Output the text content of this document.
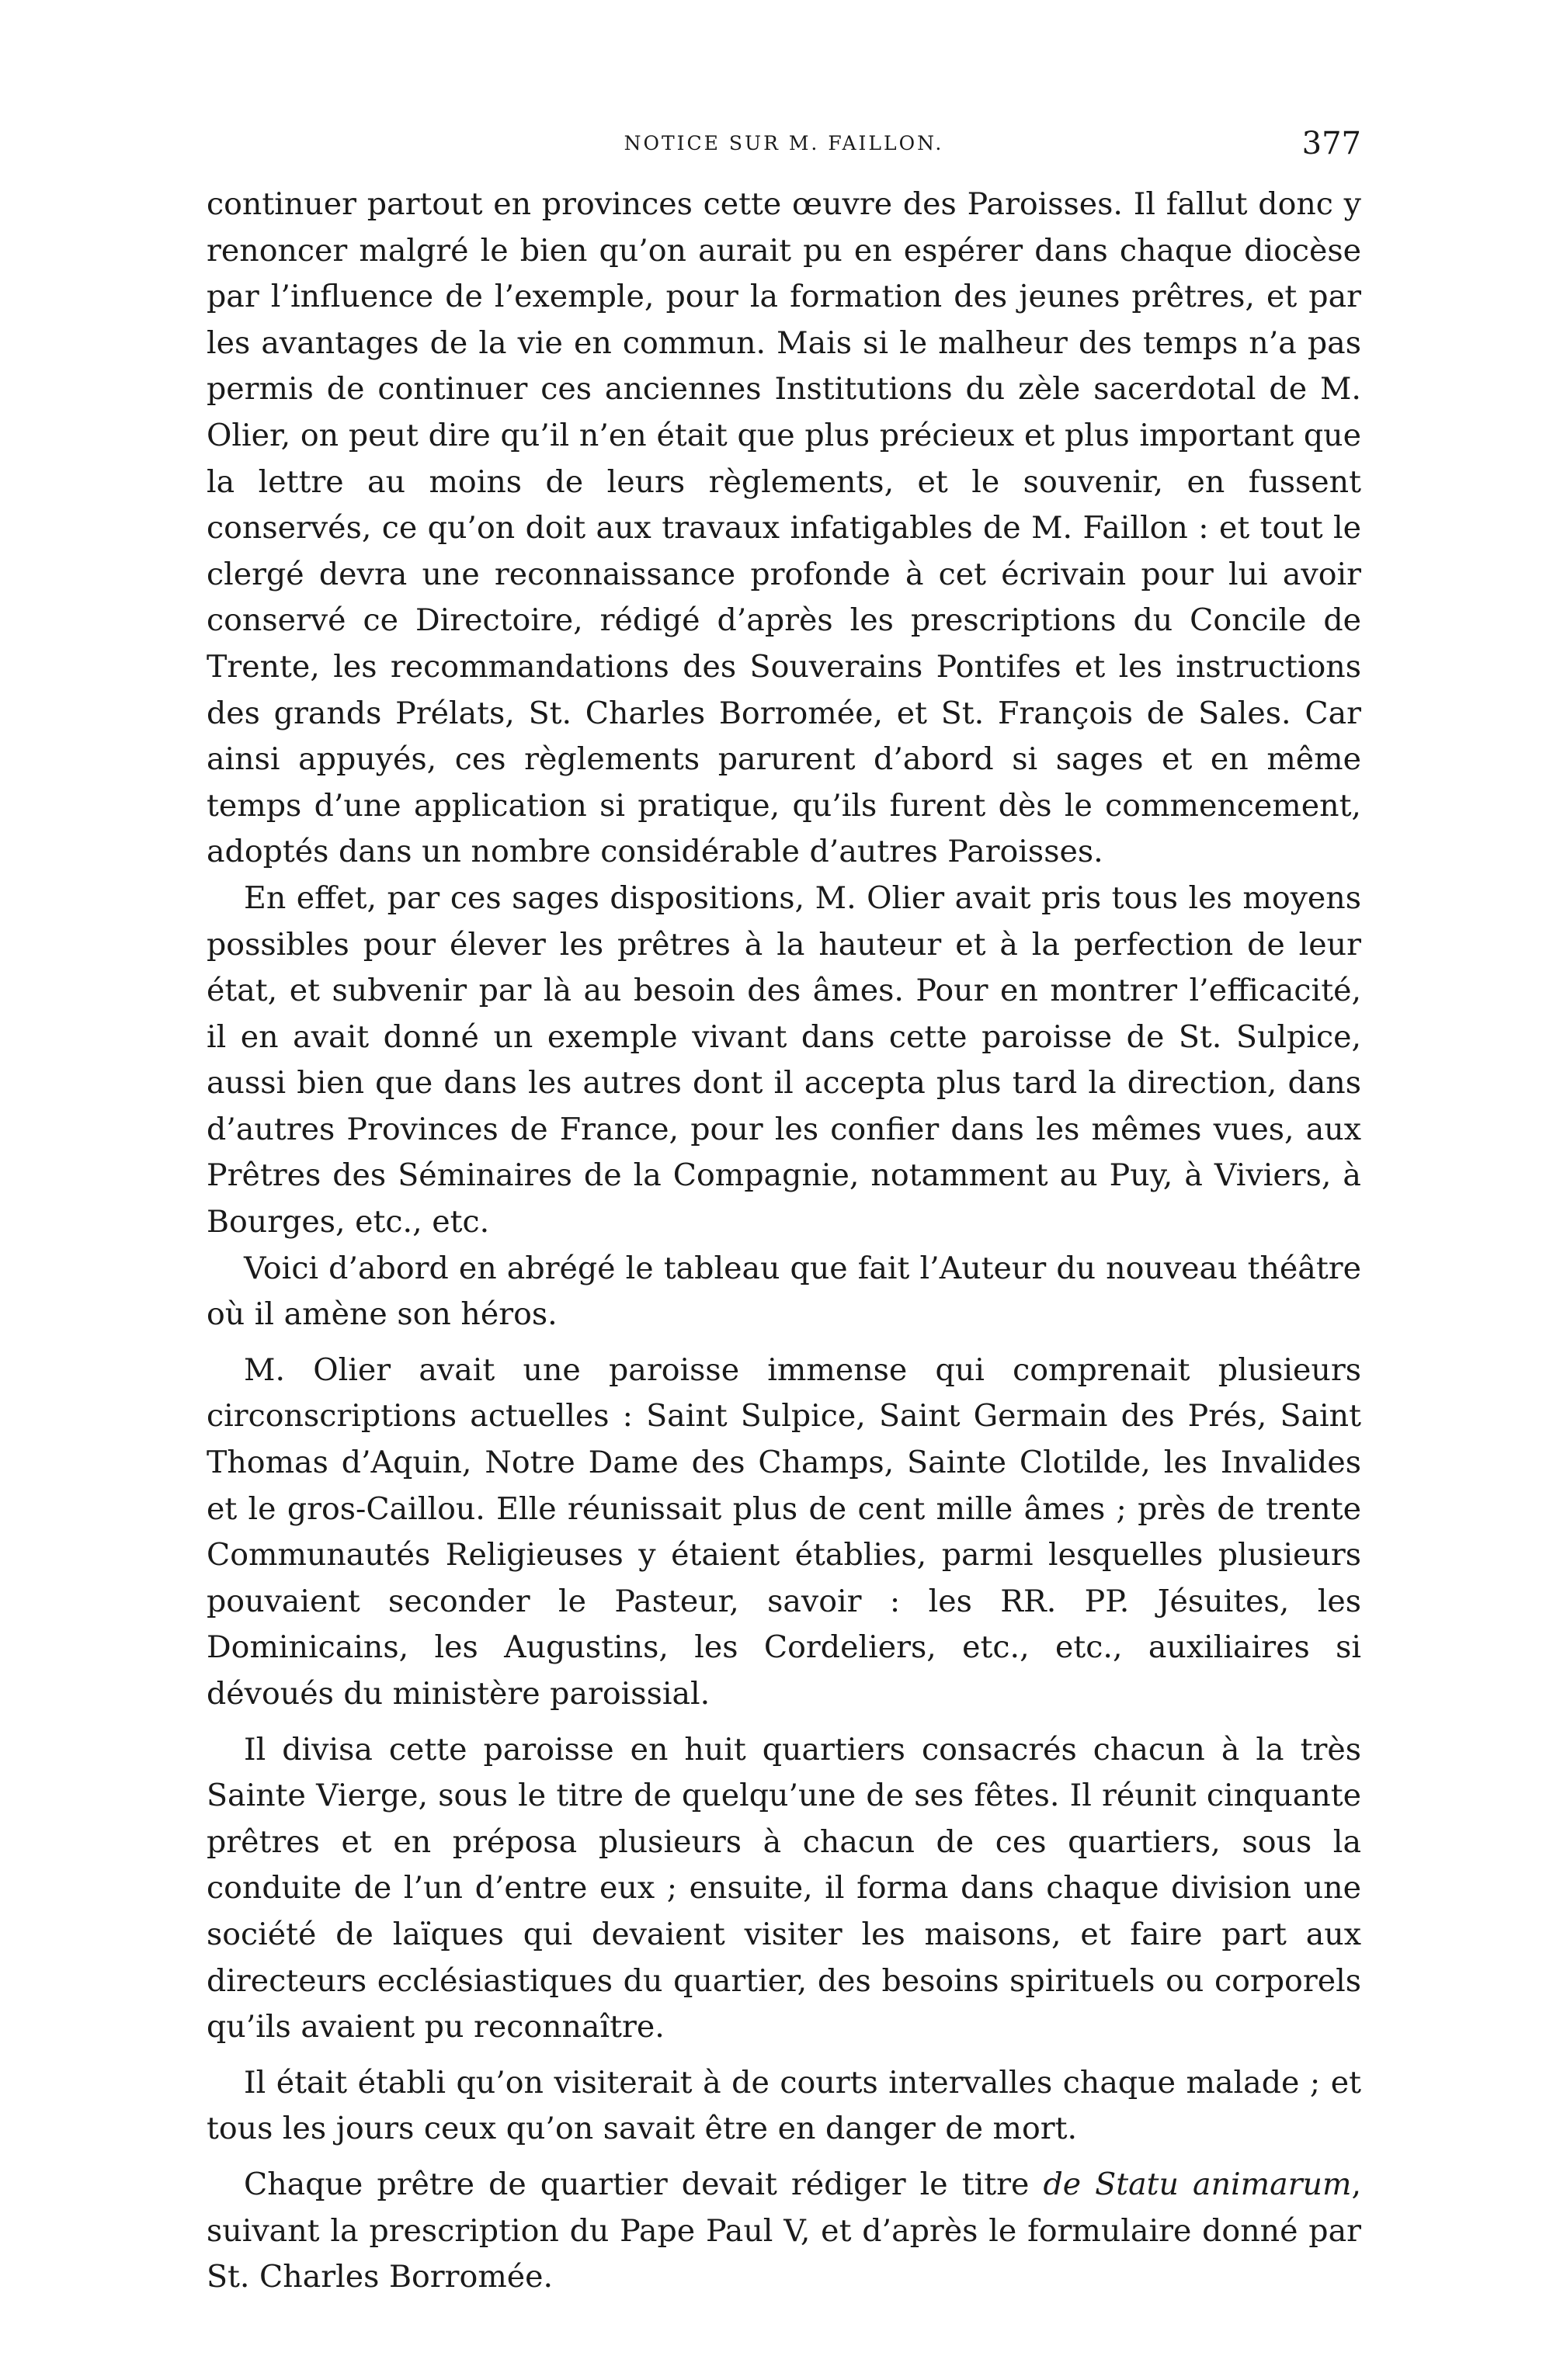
NOTICE SUR M. FAILLON.	377

continuer partout en provinces cette œuvre des Paroisses. Il fallut donc y renoncer malgré le bien qu’on aurait pu en espérer dans chaque diocèse par l’influence de l’exemple, pour la formation des jeunes prêtres, et par les avantages de la vie en commun. Mais si le malheur des temps n’a pas permis de continuer ces anciennes Institutions du zèle sacerdotal de M. Olier, on peut dire qu’il n’en était que plus précieux et plus important que la lettre au moins de leurs règlements, et le souvenir, en fussent conservés, ce qu’on doit aux travaux infatigables de M. Faillon : et tout le clergé devra une reconnaissance profonde à cet écrivain pour lui avoir conservé ce Directoire, rédigé d’après les prescriptions du Concile de Trente, les recommandations des Souverains Pontifes et les instructions des grands Prélats, St. Charles Borromée, et St. François de Sales. Car ainsi appuyés, ces règlements parurent d’abord si sages et en même temps d’une application si pratique, qu’ils furent dès le commencement, adoptés dans un nombre considérable d’autres Paroisses.

En effet, par ces sages dispositions, M. Olier avait pris tous les moyens possibles pour élever les prêtres à la hauteur et à la perfection de leur état, et subvenir par là au besoin des âmes. Pour en montrer l’efficacité, il en avait donné un exemple vivant dans cette paroisse de St. Sulpice, aussi bien que dans les autres dont il accepta plus tard la direction, dans d’autres Provinces de France, pour les confier dans les mêmes vues, aux Prêtres des Séminaires de la Compagnie, notamment au Puy, à Viviers, à Bourges, etc., etc.

Voici d’abord en abrégé le tableau que fait l’Auteur du nouveau théâtre où il amène son héros.

M. Olier avait une paroisse immense qui comprenait plusieurs circonscriptions actuelles : Saint Sulpice, Saint Germain des Prés, Saint Thomas d’Aquin, Notre Dame des Champs, Sainte Clotilde, les Invalides et le gros-Caillou. Elle réunissait plus de cent mille âmes ; près de trente Communautés Religieuses y étaient établies, parmi lesquelles plusieurs pouvaient seconder le Pasteur, savoir : les RR. PP. Jésuites, les Dominicains, les Augustins, les Cordeliers, etc., etc., auxiliaires si dévoués du ministère paroissial.

Il divisa cette paroisse en huit quartiers consacrés chacun à la très Sainte Vierge, sous le titre de quelqu’une de ses fêtes. Il réunit cinquante prêtres et en préposa plusieurs à chacun de ces quartiers, sous la conduite de l’un d’entre eux ; ensuite, il forma dans chaque division une société de laïques qui devaient visiter les maisons, et faire part aux directeurs ecclésiastiques du quartier, des besoins spirituels ou corporels qu’ils avaient pu reconnaître.

Il était établi qu’on visiterait à de courts intervalles chaque malade ; et tous les jours ceux qu’on savait être en danger de mort.

Chaque prêtre de quartier devait rédiger le titre de Statu animarum, suivant la prescription du Pape Paul V, et d’après le formulaire donné par St. Charles Borromée.
